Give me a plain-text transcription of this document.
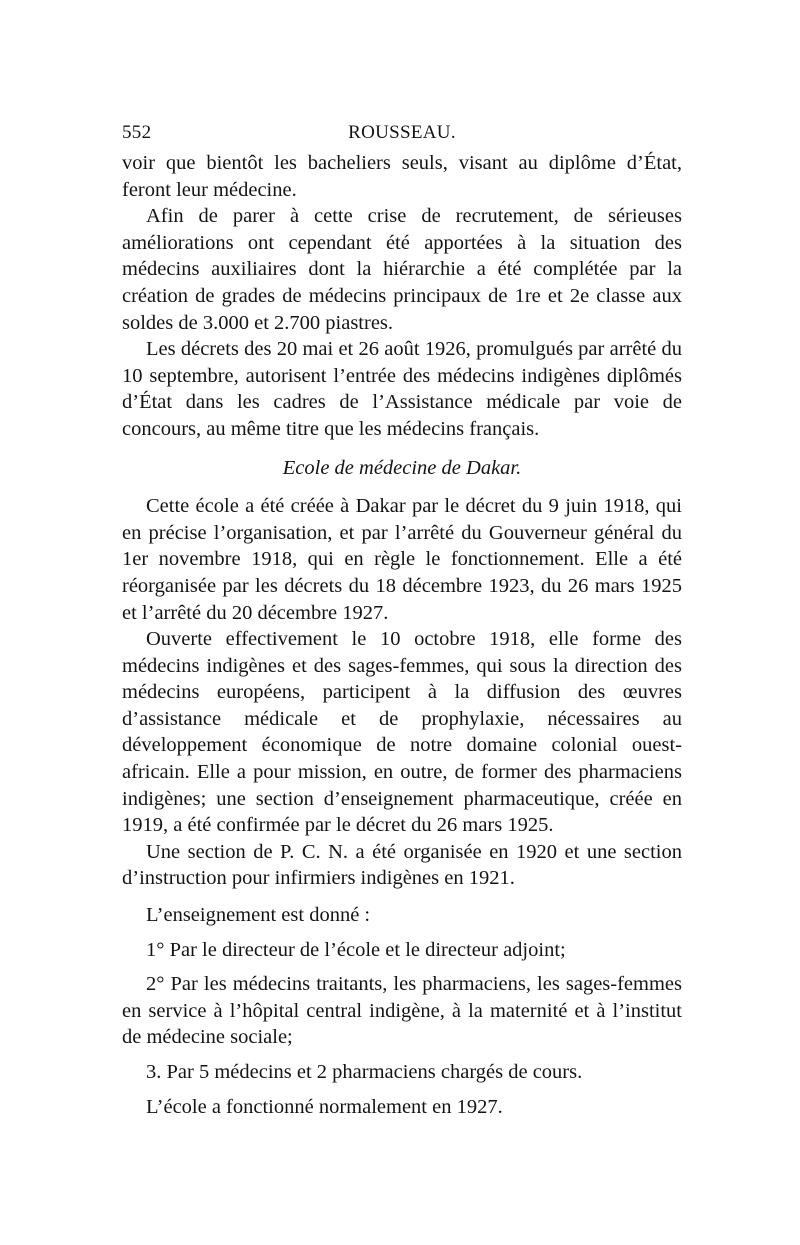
552	ROUSSEAU.

voir que bientôt les bacheliers seuls, visant au diplôme d’État, feront leur médecine.

Afin de parer à cette crise de recrutement, de sérieuses améliorations ont cependant été apportées à la situation des médecins auxiliaires dont la hiérarchie a été complétée par la création de grades de médecins principaux de 1re et 2e classe aux soldes de 3.000 et 2.700 piastres.

Les décrets des 20 mai et 26 août 1926, promulgués par arrêté du 10 septembre, autorisent l’entrée des médecins indigènes diplômés d’État dans les cadres de l’Assistance médicale par voie de concours, au même titre que les médecins français.

Ecole de médecine de Dakar.

Cette école a été créée à Dakar par le décret du 9 juin 1918, qui en précise l’organisation, et par l’arrêté du Gouverneur général du 1er novembre 1918, qui en règle le fonctionnement. Elle a été réorganisée par les décrets du 18 décembre 1923, du 26 mars 1925 et l’arrêté du 20 décembre 1927.

Ouverte effectivement le 10 octobre 1918, elle forme des médecins indigènes et des sages-femmes, qui sous la direction des médecins européens, participent à la diffusion des œuvres d’assistance médicale et de prophylaxie, nécessaires au développement économique de notre domaine colonial ouest-africain. Elle a pour mission, en outre, de former des pharmaciens indigènes; une section d’enseignement pharmaceutique, créée en 1919, a été confirmée par le décret du 26 mars 1925.

Une section de P. C. N. a été organisée en 1920 et une section d’instruction pour infirmiers indigènes en 1921.

L’enseignement est donné :

1° Par le directeur de l’école et le directeur adjoint;

2° Par les médecins traitants, les pharmaciens, les sages-femmes en service à l’hôpital central indigène, à la maternité et à l’institut de médecine sociale;

3. Par 5 médecins et 2 pharmaciens chargés de cours.

L’école a fonctionné normalement en 1927.
